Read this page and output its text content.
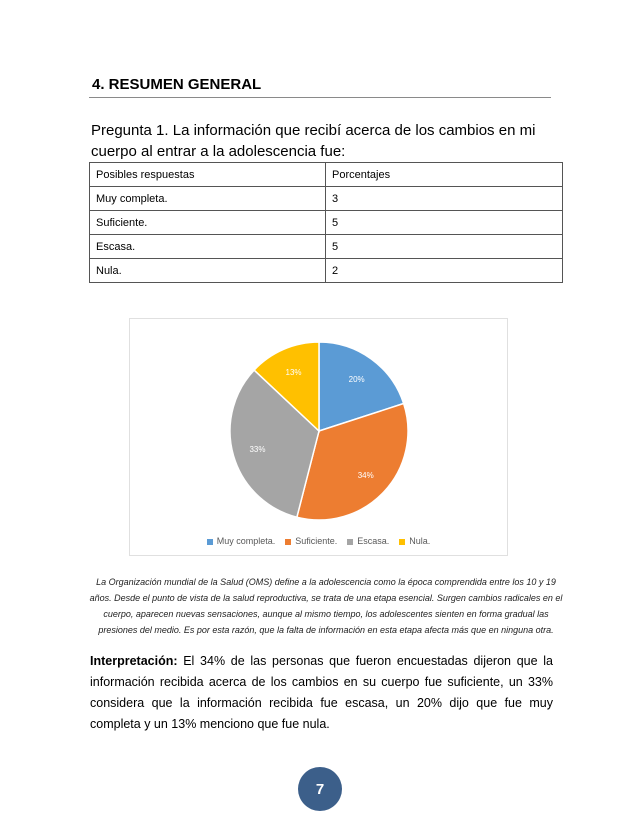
4. RESUMEN GENERAL
Pregunta 1. La información que recibí acerca de los cambios en mi cuerpo al entrar a la adolescencia fue:
Posibles respuestas	Porcentajes
Muy completa.	3
Suficiente.	5
Escasa.	5
Nula.	2
20%
34%
33%
13%
Muy completa. Suficiente. Escasa. Nula.
La Organización mundial de la Salud (OMS) define a la adolescencia como la época comprendida entre los 10 y 19 años. Desde el punto de vista de la salud reproductiva, se trata de una etapa esencial. Surgen cambios radicales en el cuerpo, aparecen nuevas sensaciones, aunque al mismo tiempo, los adolescentes sienten en forma gradual las presiones del medio. Es por esta razón, que la falta de información en esta etapa afecta más que en ninguna otra.
Interpretación: El 34% de las personas que fueron encuestadas dijeron que la información recibida acerca de los cambios en su cuerpo fue suficiente, un 33% considera que la información recibida fue escasa, un 20% dijo que fue muy completa y un 13% menciono que fue nula.
7
